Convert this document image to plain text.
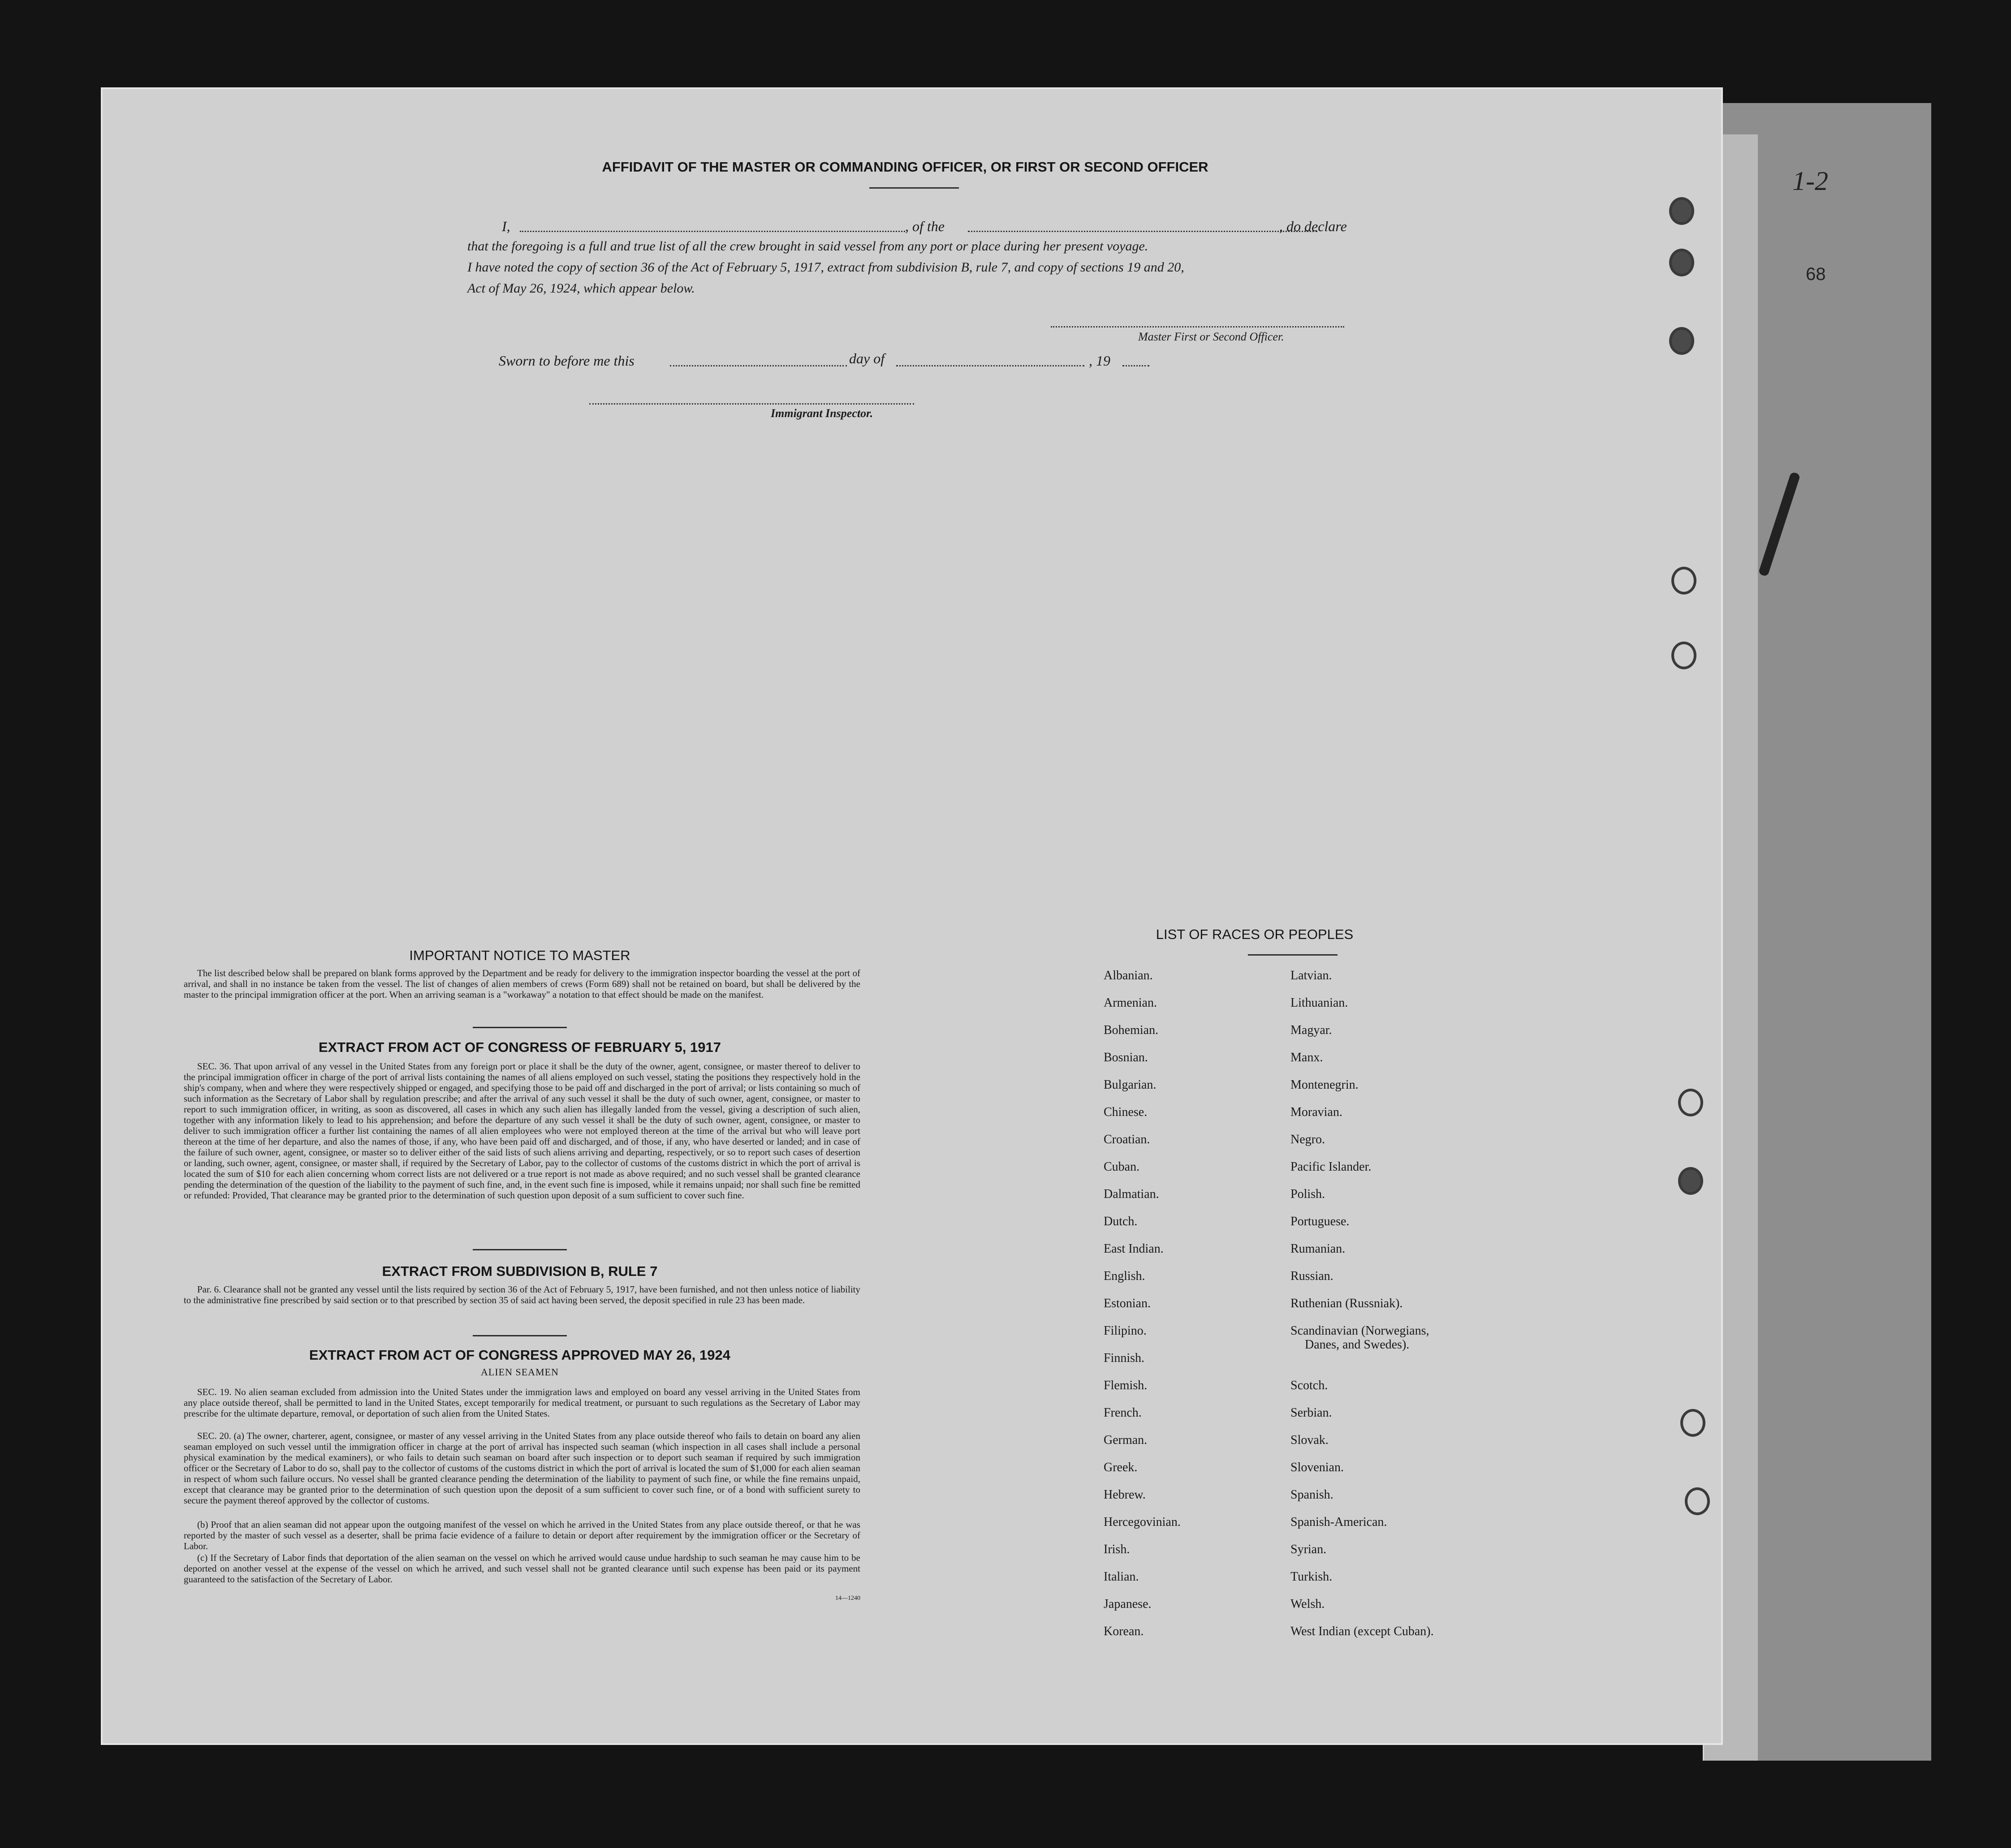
1-2
68
AFFIDAVIT OF THE MASTER OR COMMANDING OFFICER, OR FIRST OR SECOND OFFICER
I,	, of the	, do declare
that the foregoing is a full and true list of all the crew brought in said vessel from any port or place during her present voyage.
I have noted the copy of section 36 of the Act of February 5, 1917, extract from subdivision B, rule 7, and copy of sections 19 and 20,
Act of May 26, 1924, which appear below.
Master First or Second Officer.
Sworn to before me this	day of	, 19
Immigrant Inspector.
IMPORTANT NOTICE TO MASTER
The list described below shall be prepared on blank forms approved by the Department and be ready for delivery to the immigration inspector boarding the vessel at the port of arrival, and shall in no instance be taken from the vessel. The list of changes of alien members of crews (Form 689) shall not be retained on board, but shall be delivered by the master to the principal immigration officer at the port. When an arriving seaman is a "workaway" a notation to that effect should be made on the manifest.
EXTRACT FROM ACT OF CONGRESS OF FEBRUARY 5, 1917
SEC. 36. That upon arrival of any vessel in the United States from any foreign port or place it shall be the duty of the owner, agent, consignee, or master thereof to deliver to the principal immigration officer in charge of the port of arrival lists containing the names of all aliens employed on such vessel, stating the positions they respectively hold in the ship's company, when and where they were respectively shipped or engaged, and specifying those to be paid off and discharged in the port of arrival; or lists containing so much of such information as the Secretary of Labor shall by regulation prescribe; and after the arrival of any such vessel it shall be the duty of such owner, agent, consignee, or master to report to such immigration officer, in writing, as soon as discovered, all cases in which any such alien has illegally landed from the vessel, giving a description of such alien, together with any information likely to lead to his apprehension; and before the departure of any such vessel it shall be the duty of such owner, agent, consignee, or master to deliver to such immigration officer a further list containing the names of all alien employees who were not employed thereon at the time of the arrival but who will leave port thereon at the time of her departure, and also the names of those, if any, who have been paid off and discharged, and of those, if any, who have deserted or landed; and in case of the failure of such owner, agent, consignee, or master so to deliver either of the said lists of such aliens arriving and departing, respectively, or so to report such cases of desertion or landing, such owner, agent, consignee, or master shall, if required by the Secretary of Labor, pay to the collector of customs of the customs district in which the port of arrival is located the sum of $10 for each alien concerning whom correct lists are not delivered or a true report is not made as above required; and no such vessel shall be granted clearance pending the determination of the question of the liability to the payment of such fine, and, in the event such fine is imposed, while it remains unpaid; nor shall such fine be remitted or refunded: Provided, That clearance may be granted prior to the determination of such question upon deposit of a sum sufficient to cover such fine.
EXTRACT FROM SUBDIVISION B, RULE 7
Par. 6. Clearance shall not be granted any vessel until the lists required by section 36 of the Act of February 5, 1917, have been furnished, and not then unless notice of liability to the administrative fine prescribed by said section or to that prescribed by section 35 of said act having been served, the deposit specified in rule 23 has been made.
EXTRACT FROM ACT OF CONGRESS APPROVED MAY 26, 1924
ALIEN SEAMEN
SEC. 19. No alien seaman excluded from admission into the United States under the immigration laws and employed on board any vessel arriving in the United States from any place outside thereof, shall be permitted to land in the United States, except temporarily for medical treatment, or pursuant to such regulations as the Secretary of Labor may prescribe for the ultimate departure, removal, or deportation of such alien from the United States.
SEC. 20. (a) The owner, charterer, agent, consignee, or master of any vessel arriving in the United States from any place outside thereof who fails to detain on board any alien seaman employed on such vessel until the immigration officer in charge at the port of arrival has inspected such seaman (which inspection in all cases shall include a personal physical examination by the medical examiners), or who fails to detain such seaman on board after such inspection or to deport such seaman if required by such immigration officer or the Secretary of Labor to do so, shall pay to the collector of customs of the customs district in which the port of arrival is located the sum of $1,000 for each alien seaman in respect of whom such failure occurs. No vessel shall be granted clearance pending the determination of the liability to payment of such fine, or while the fine remains unpaid, except that clearance may be granted prior to the determination of such question upon the deposit of a sum sufficient to cover such fine, or of a bond with sufficient surety to secure the payment thereof approved by the collector of customs.
(b) Proof that an alien seaman did not appear upon the outgoing manifest of the vessel on which he arrived in the United States from any place outside thereof, or that he was reported by the master of such vessel as a deserter, shall be prima facie evidence of a failure to detain or deport after requirement by the immigration officer or the Secretary of Labor.
(c) If the Secretary of Labor finds that deportation of the alien seaman on the vessel on which he arrived would cause undue hardship to such seaman he may cause him to be deported on another vessel at the expense of the vessel on which he arrived, and such vessel shall not be granted clearance until such expense has been paid or its payment guaranteed to the satisfaction of the Secretary of Labor.
14—1240
LIST OF RACES OR PEOPLES
Albanian.
Armenian.
Bohemian.
Bosnian.
Bulgarian.
Chinese.
Croatian.
Cuban.
Dalmatian.
Dutch.
East Indian.
English.
Estonian.
Filipino.
Finnish.
Flemish.
French.
German.
Greek.
Hebrew.
Hercegovinian.
Irish.
Italian.
Japanese.
Korean.
Latvian.
Lithuanian.
Magyar.
Manx.
Montenegrin.
Moravian.
Negro.
Pacific Islander.
Polish.
Portuguese.
Rumanian.
Russian.
Ruthenian (Russniak).
Scandinavian (Norwegians,
Danes, and Swedes).
Scotch.
Serbian.
Slovak.
Slovenian.
Spanish.
Spanish-American.
Syrian.
Turkish.
Welsh.
West Indian (except Cuban).
